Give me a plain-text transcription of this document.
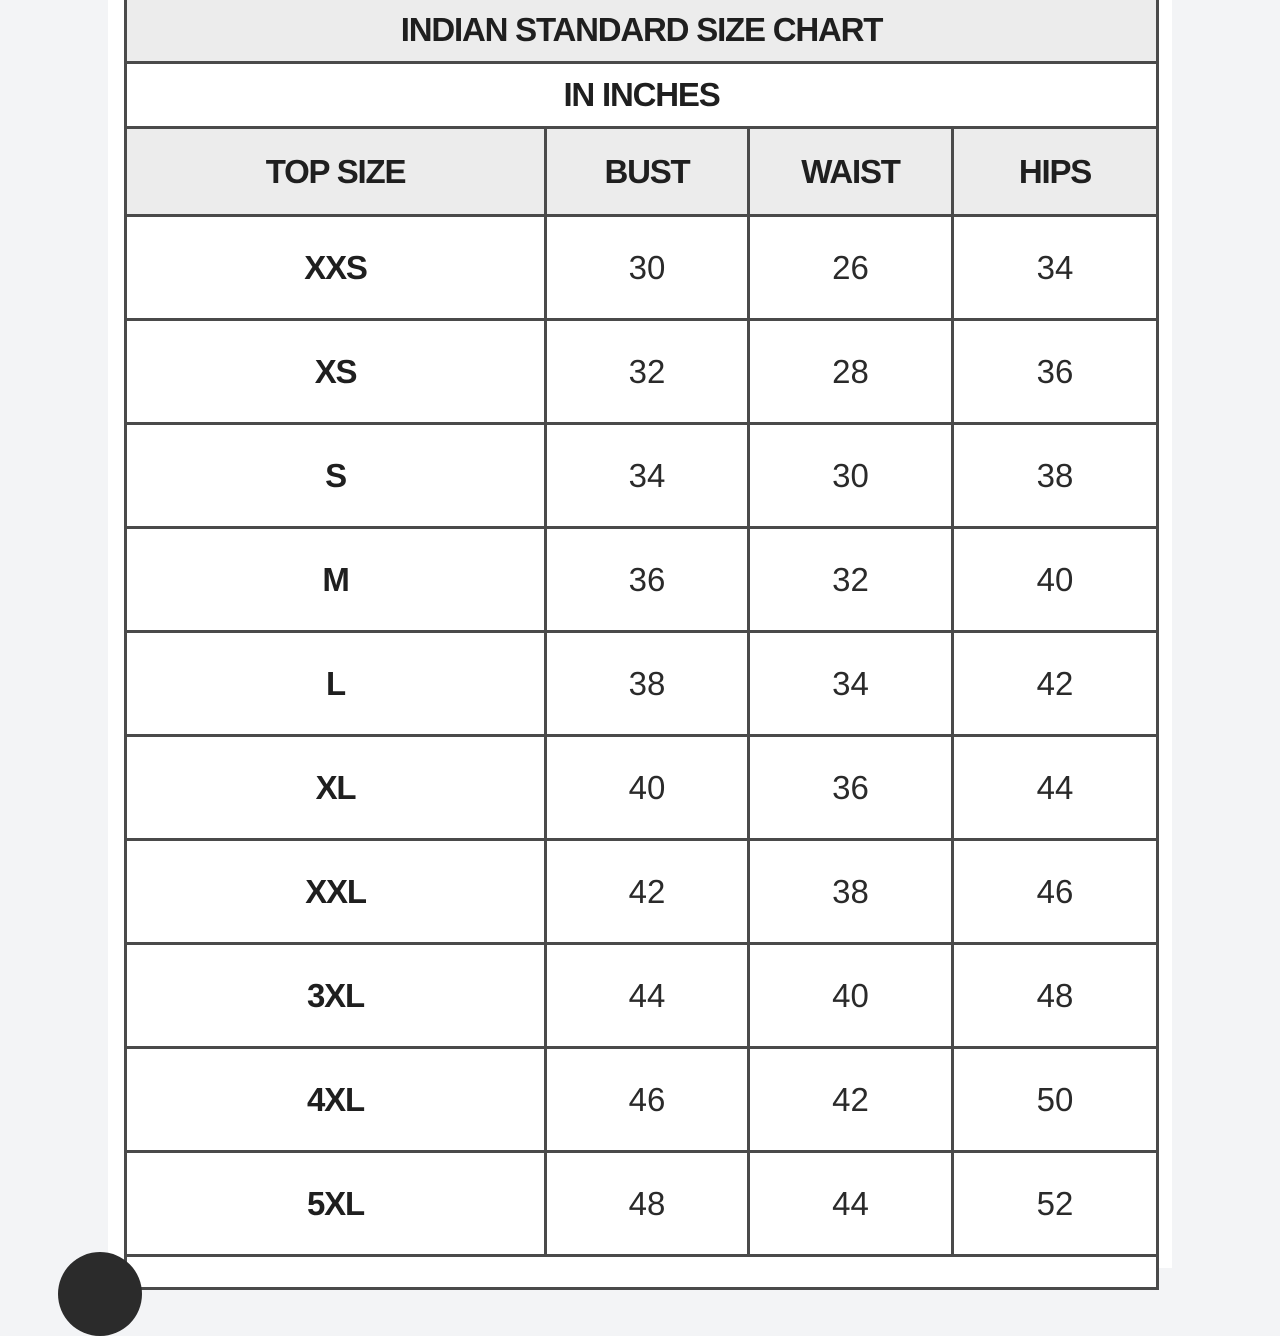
INDIAN STANDARD SIZE CHART			
IN INCHES			
TOP SIZE	BUST	WAIST	HIPS
XXS	30	26	34
XS	32	28	36
S	34	30	38
M	36	32	40
L	38	34	42
XL	40	36	44
XXL	42	38	46
3XL	44	40	48
4XL	46	42	50
5XL	48	44	52
